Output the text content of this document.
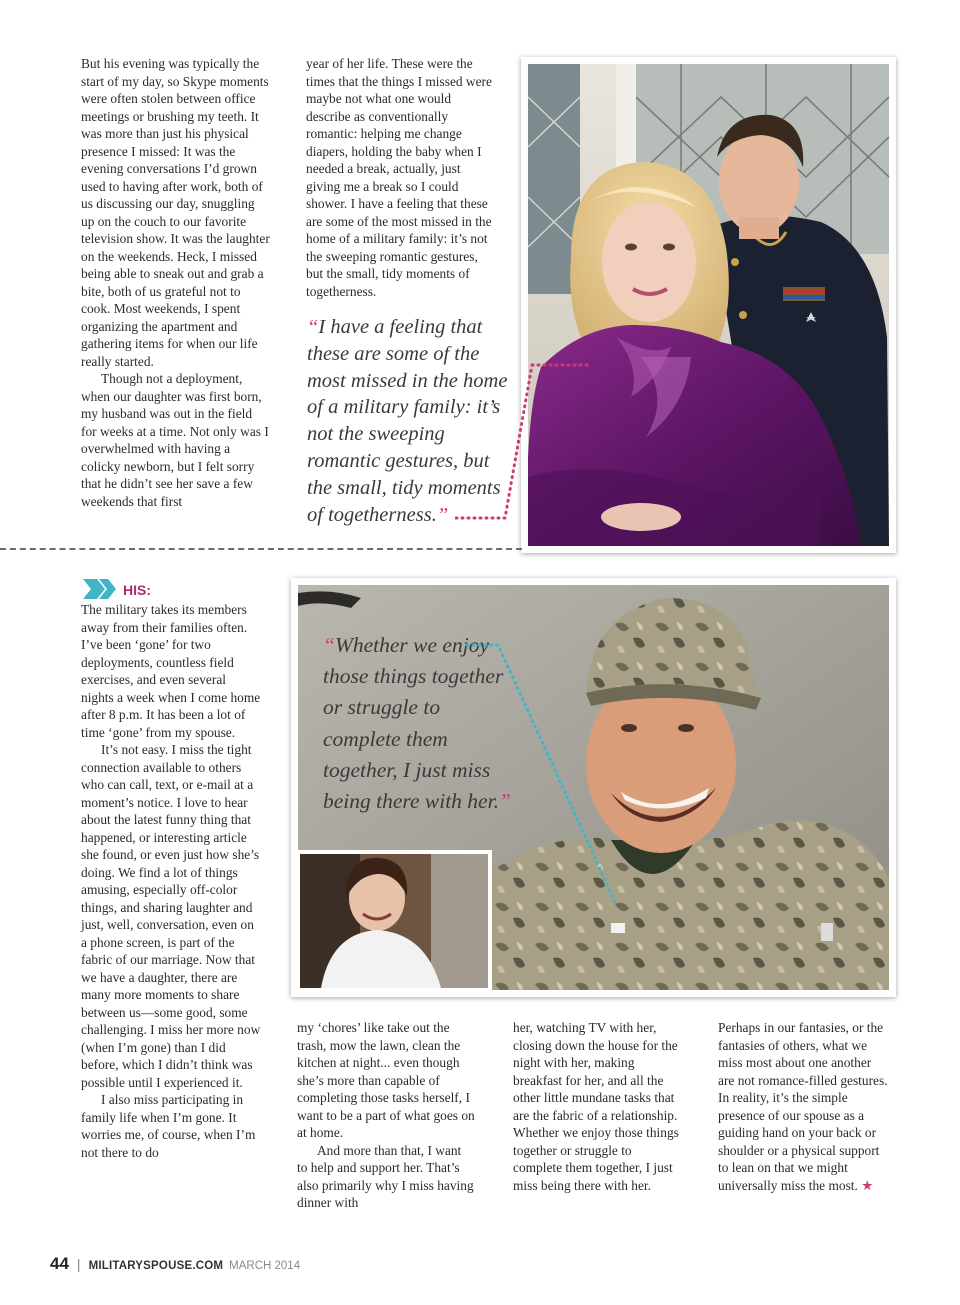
But his evening was typically the start of my day, so Skype moments were often stolen between office meetings or brushing my teeth. It was more than just his physical presence I missed: It was the evening conversations I’d grown used to having after work, both of us discussing our day, snuggling up on the couch to our favorite television show. It was the laughter on the weekends. Heck, I missed being able to sneak out and grab a bite, both of us grateful not to cook. Most weekends, I spent organizing the apartment and gathering items for when our life really started.

Though not a deployment, when our daughter was first born, my husband was out in the field for weeks at a time. Not only was I overwhelmed with having a colicky newborn, but I felt sorry that he didn’t see her save a few weekends that first

year of her life. These were the times that the things I missed were maybe not what one would describe as conventionally romantic: helping me change diapers, holding the baby when I needed a break, actually, just giving me a break so I could shower. I have a feeling that these are some of the most missed in the home of a military family: it’s not the sweeping romantic gestures, but the small, tidy moments of togetherness.

“I have a feeling that these are some of the most missed in the home of a military family: it’s not the sweeping romantic gestures, but the small, tidy moments of togetherness.”
HIS:

The military takes its members away from their families often. I’ve been ‘gone’ for two deployments, countless field exercises, and even several nights a week when I come home after 8 p.m. It has been a lot of time ‘gone’ from my spouse.

It’s not easy. I miss the tight connection available to others who can call, text, or e-mail at a moment’s notice. I love to hear about the latest funny thing that happened, or interesting article she found, or even just how she’s doing. We find a lot of things amusing, especially off-color things, and sharing laughter and just, well, conversation, even on a phone screen, is part of the fabric of our marriage. Now that we have a daughter, there are many more moments to share between us—some good, some challenging. I miss her more now (when I’m gone) than I did before, which I didn’t think was possible until I experienced it.

I also miss participating in family life when I’m gone. It worries me, of course, when I’m not there to do

“Whether we enjoy those things together or struggle to complete them together, I just miss being there with her.”

my ‘chores’ like take out the trash, mow the lawn, clean the kitchen at night... even though she’s more than capable of completing those tasks herself, I want to be a part of what goes on at home.

And more than that, I want to help and support her. That’s also primarily why I miss having dinner with

her, watching TV with her, closing down the house for the night with her, making breakfast for her, and all the other little mundane tasks that are the fabric of a relationship. Whether we enjoy those things together or struggle to complete them together, I just miss being there with her.

Perhaps in our fantasies, or the fantasies of others, what we miss most about one another are not romance-filled gestures. In reality, it’s the simple presence of our spouse as a guiding hand on your back or shoulder or a physical support to lean on that we might universally miss the most. ★

44 | MILITARYSPOUSE.COM MARCH 2014
